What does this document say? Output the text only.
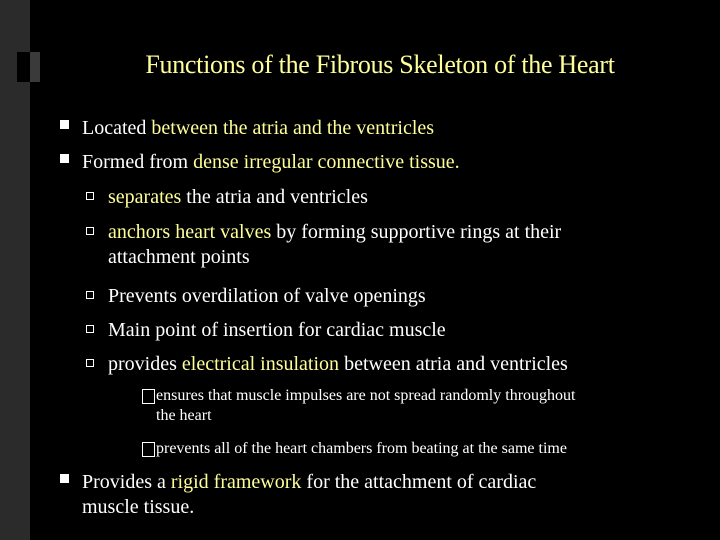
Functions of the Fibrous Skeleton of the Heart
Located between the atria and the ventricles
Formed from dense irregular connective tissue.
separates the atria and ventricles
anchors heart valves by forming supportive rings at their
attachment points
Prevents overdilation of valve openings
Main point of insertion for cardiac muscle
provides electrical insulation between atria and ventricles
ensures that muscle impulses are not spread randomly throughout
the heart
prevents all of the heart chambers from beating at the same time
Provides a rigid framework for the attachment of cardiac
muscle tissue.
